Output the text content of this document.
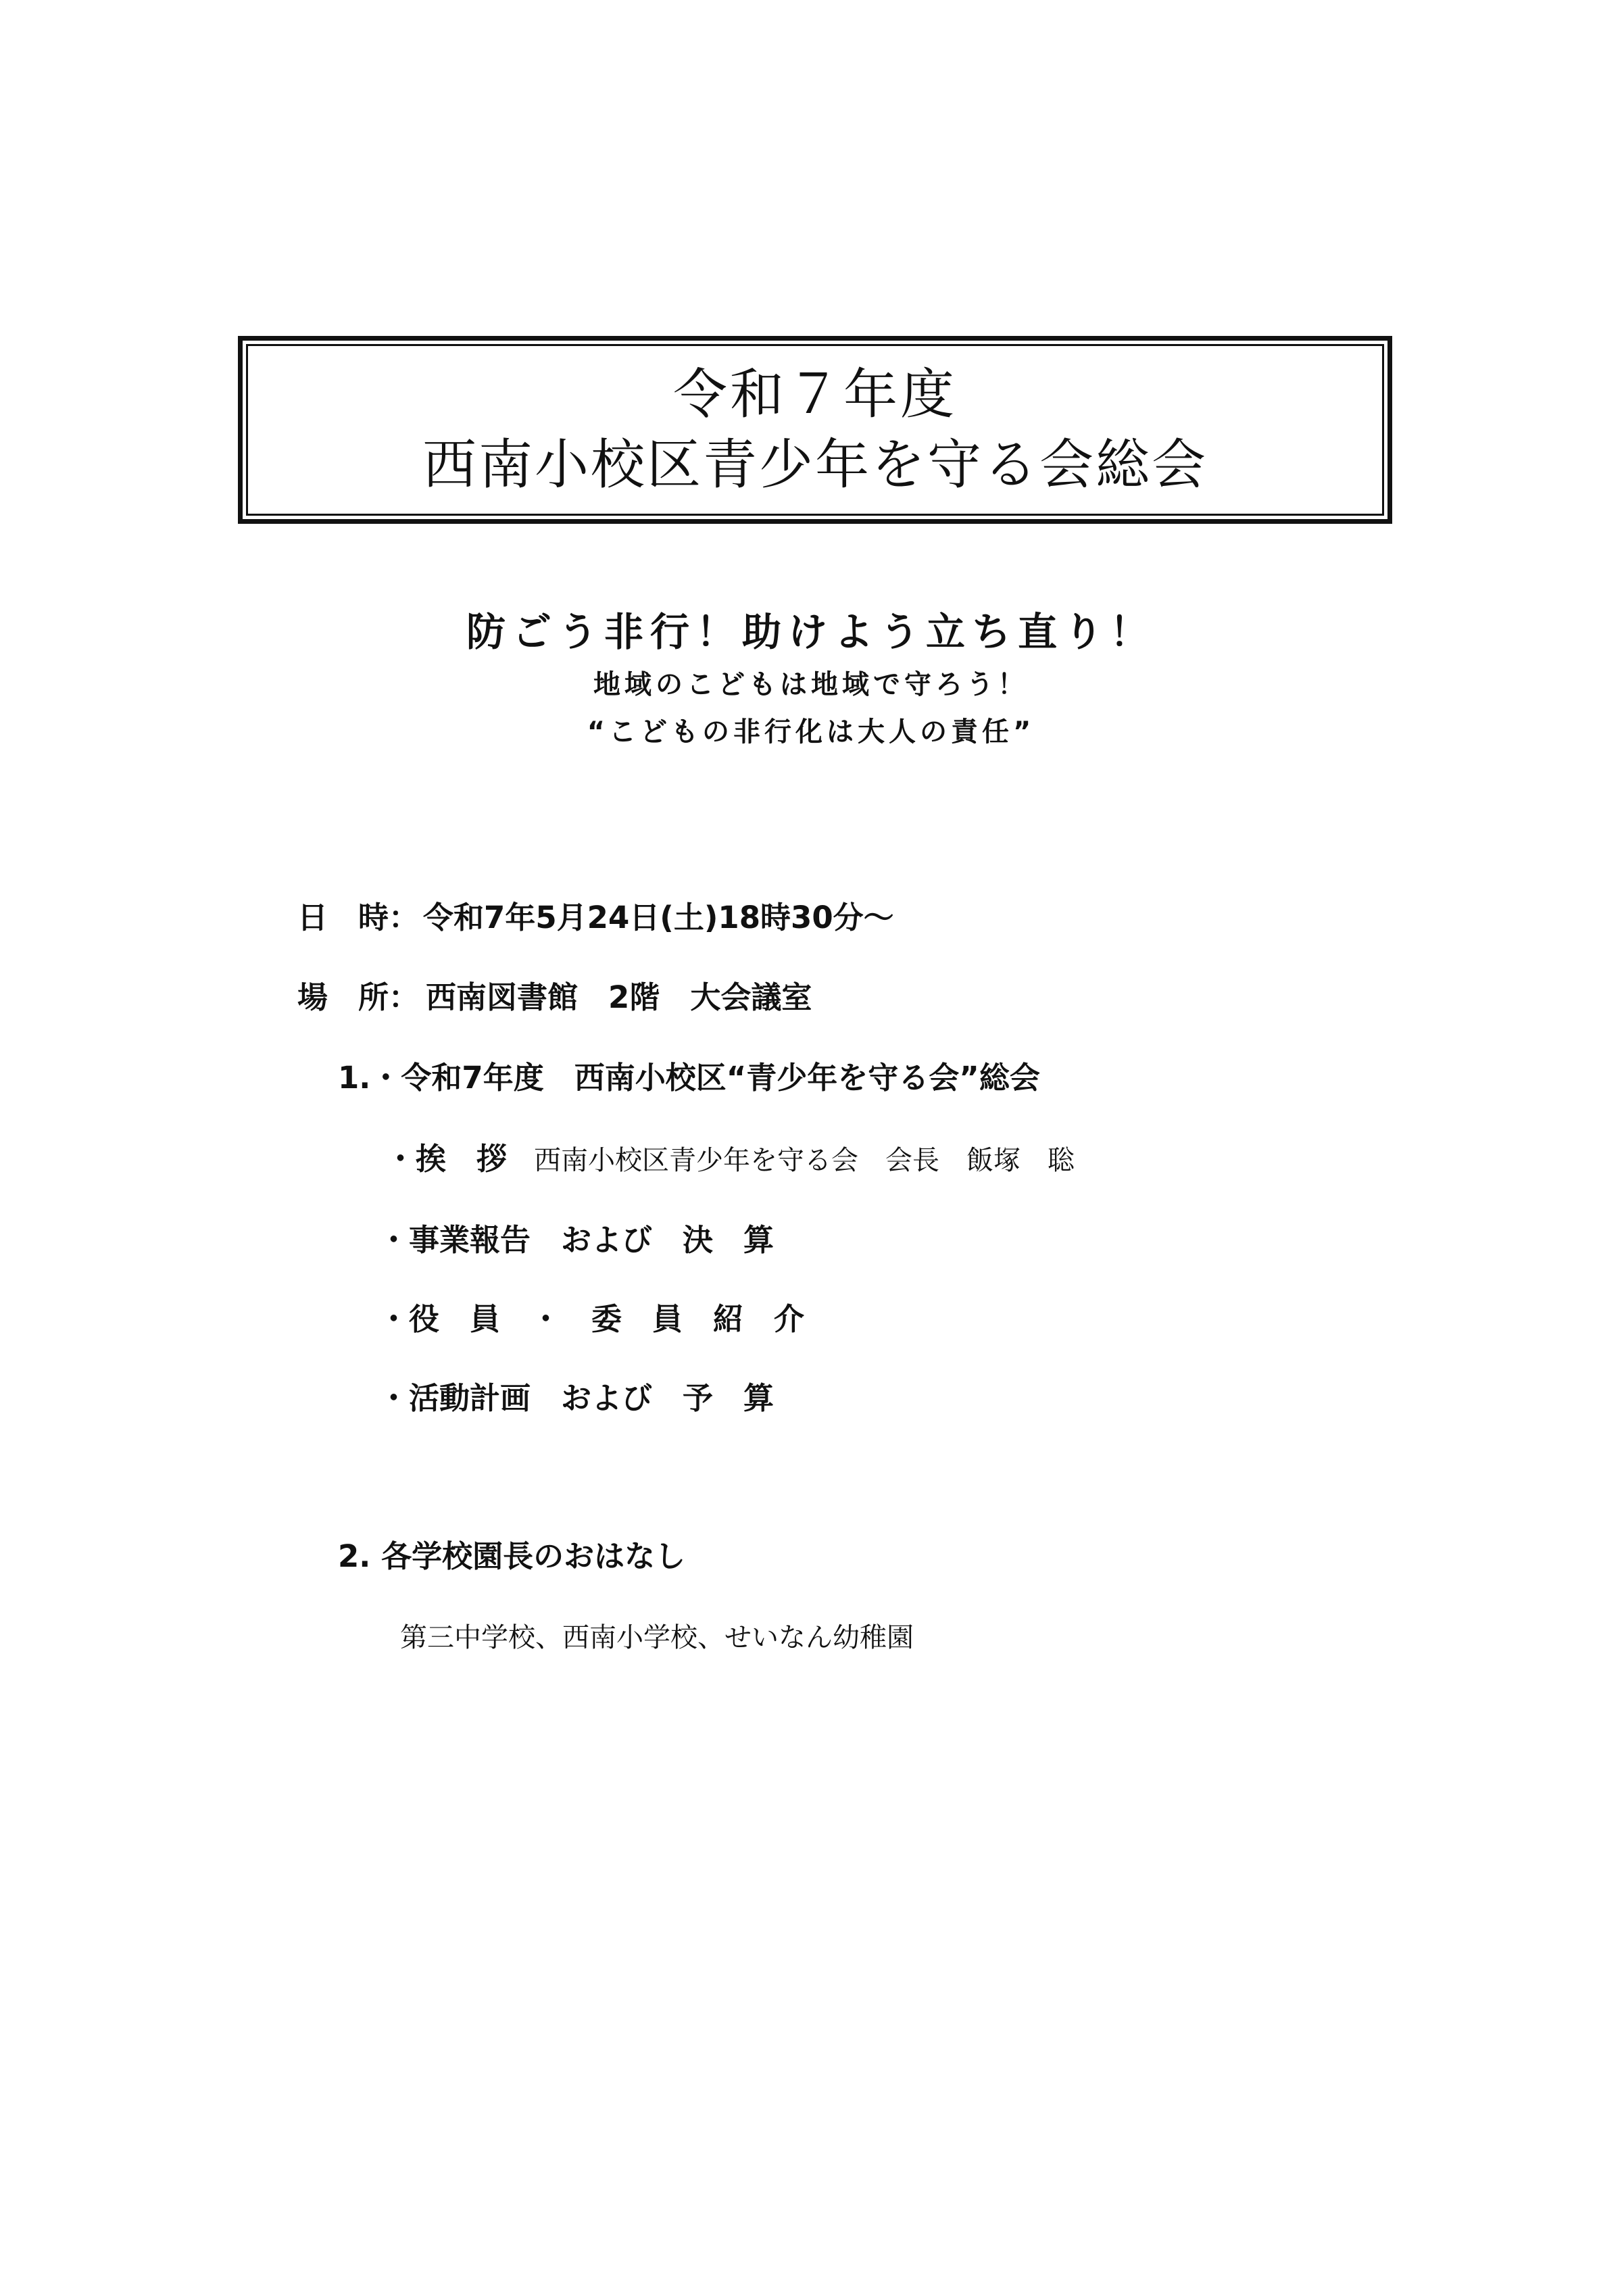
令和７年度
西南小校区青少年を守る会総会
防ごう非行！助けよう立ち直り！
地域のこどもは地域で守ろう！
“こどもの非行化は大人の責任”
日　時： 令和7年5月24日(土)18時30分～
場　所： 西南図書館　2階　大会議室
1.・令和7年度　西南小校区“青少年を守る会”総会
・挨　拶 西南小校区青少年を守る会　会長　飯塚　聡
・事業報告　および　決　算
・役　員　・　委　員　紹　介
・活動計画　および　予　算
2. 各学校園長のおはなし
第三中学校、西南小学校、せいなん幼稚園
